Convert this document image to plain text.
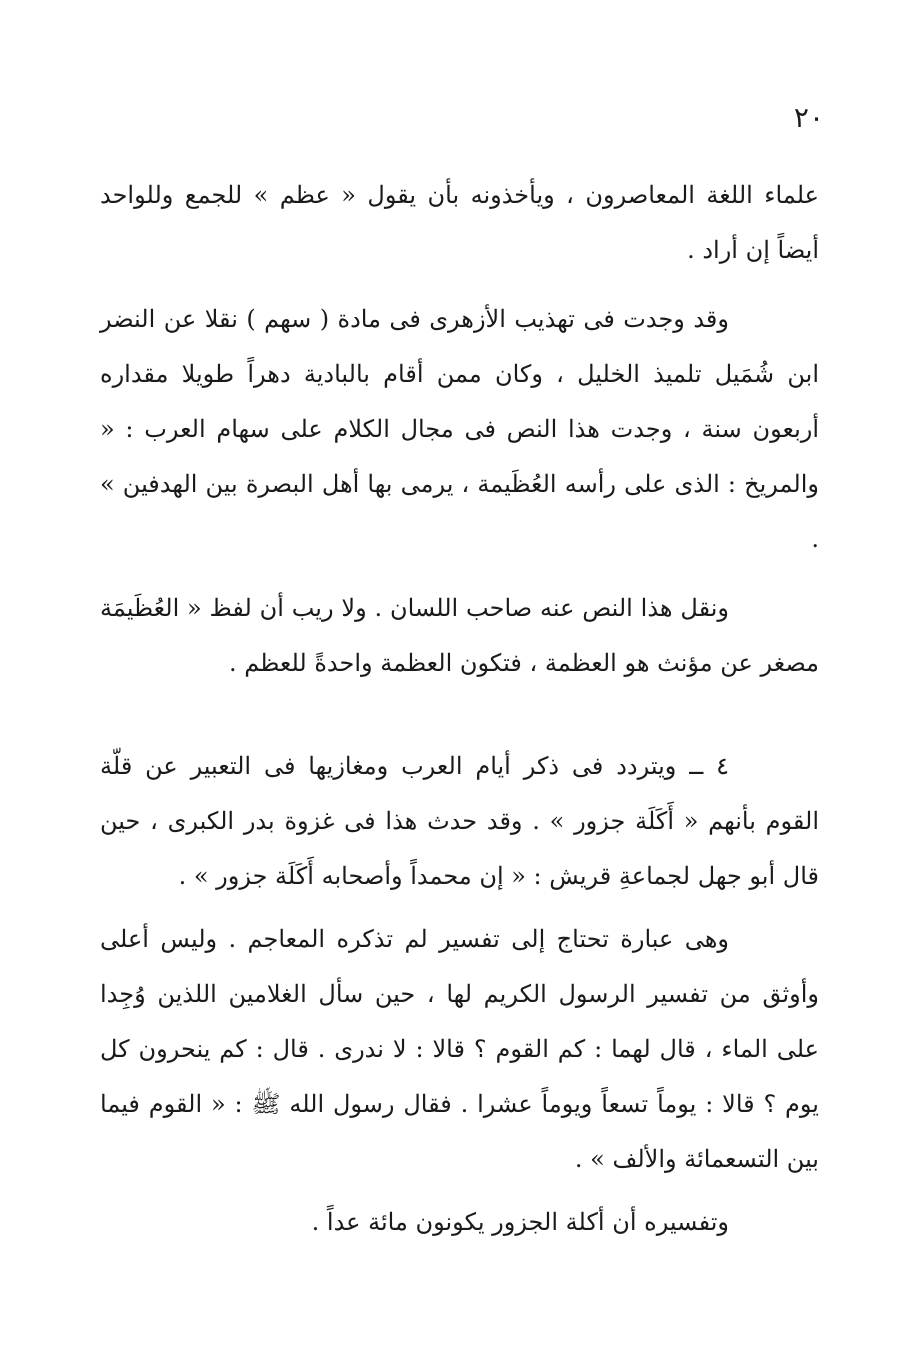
٢٠

علماء اللغة المعاصرون ، ويأخذونه بأن يقول « عظم » للجمع وللواحد أيضاً إن أراد .

وقد وجدت فى تهذيب الأزهرى فى مادة ( سهم ) نقلا عن النضر ابن شُمَيل تلميذ الخليل ، وكان ممن أقام بالبادية دهراً طويلا مقداره أربعون سنة ، وجدت هذا النص فى مجال الكلام على سهام العرب : « والمريخ : الذى على رأسه العُظَيمة ، يرمى بها أهل البصرة بين الهدفين » .

ونقل هذا النص عنه صاحب اللسان . ولا ريب أن لفظ « العُظَيمَة مصغر عن مؤنث هو العظمة ، فتكون العظمة واحدةً للعظم .

٤ ــ ويتردد فى ذكر أيام العرب ومغازيها فى التعبير عن قلّة القوم بأنهم « أَكَلَة جزور » . وقد حدث هذا فى غزوة بدر الكبرى ، حين قال أبو جهل لجماعةِ قريش : « إن محمداً وأصحابه أَكَلَة جزور » .

وهى عبارة تحتاج إلى تفسير لم تذكره المعاجم . وليس أعلى وأوثق من تفسير الرسول الكريم لها ، حين سأل الغلامين اللذين وُجِدا على الماء ، قال لهما : كم القوم ؟ قالا : لا ندرى . قال : كم ينحرون كل يوم ؟ قالا : يوماً تسعاً ويوماً عشرا . فقال رسول الله ﷺ : « القوم فيما بين التسعمائة والألف » .

وتفسيره أن أكلة الجزور يكونون مائة عداً .
